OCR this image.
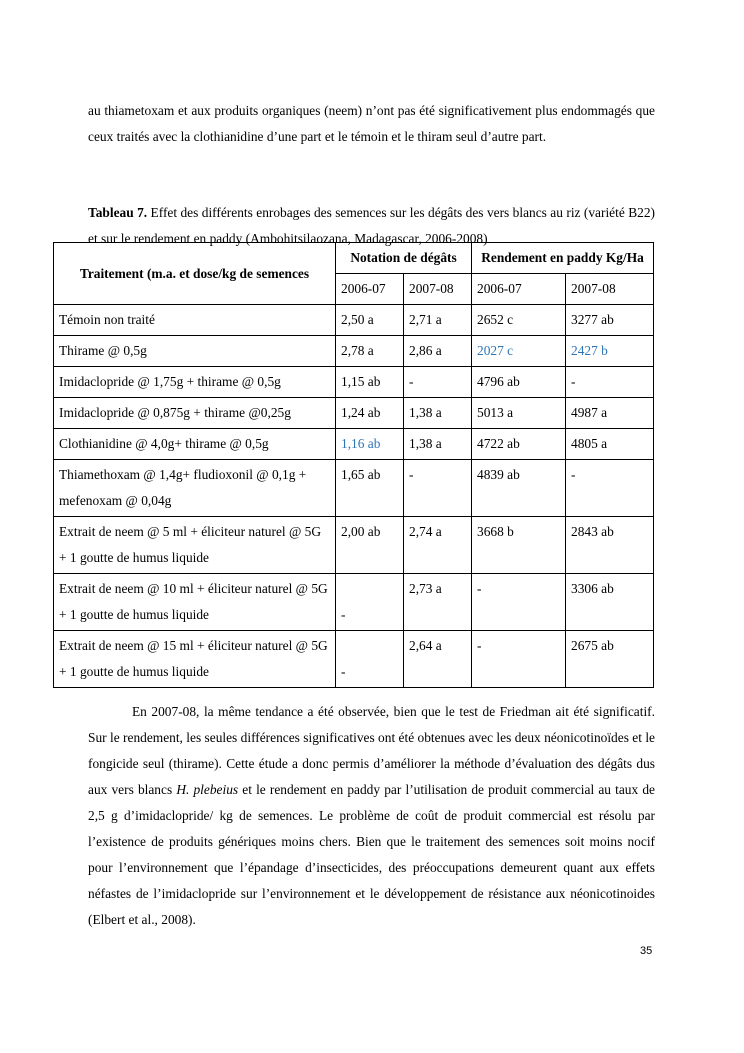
au thiametoxam et aux produits organiques (neem) n’ont pas été significativement plus endommagés que ceux traités avec la clothianidine d’une part et le témoin et le thiram seul d’autre part.

Tableau 7. Effet des différents enrobages des semences sur les dégâts des vers blancs au riz (variété B22) et sur le rendement en paddy (Ambohitsilaozana, Madagascar, 2006-2008)

Traitement (m.a. et dose/kg de semences	Notation de dégâts		Rendement en paddy Kg/Ha	
	2006-07	2007-08	2006-07	2007-08
Témoin non traité	2,50 a	2,71 a	2652 c	3277 ab
Thirame @ 0,5g	2,78 a	2,86 a	2027 c	2427 b
Imidaclopride @ 1,75g + thirame @ 0,5g	1,15 ab	-	4796 ab	-
Imidaclopride @ 0,875g + thirame @0,25g	1,24 ab	1,38 a	5013 a	4987 a
Clothianidine @ 4,0g+ thirame @ 0,5g	1,16 ab	1,38 a	4722 ab	4805 a
Thiamethoxam @ 1,4g+ fludioxonil @ 0,1g + mefenoxam @ 0,04g	1,65 ab	-	4839 ab	-
Extrait de neem @ 5 ml + éliciteur naturel @ 5G + 1 goutte de humus liquide	2,00 ab	2,74 a	3668 b	2843 ab
Extrait de neem @ 10 ml + éliciteur naturel @ 5G + 1 goutte de humus liquide	-	2,73 a	-	3306 ab
Extrait de neem @ 15 ml + éliciteur naturel @ 5G + 1 goutte de humus liquide	-	2,64 a	-	2675 ab

En 2007-08, la même tendance a été observée, bien que le test de Friedman ait été significatif. Sur le rendement, les seules différences significatives ont été obtenues avec les deux néonicotinoïdes et le fongicide seul (thirame). Cette étude a donc permis d’améliorer la méthode d’évaluation des dégâts dus aux vers blancs H. plebeius et le rendement en paddy par l’utilisation de produit commercial au taux de 2,5 g d’imidaclopride/ kg de semences. Le problème de coût de produit commercial est résolu par l’existence de produits génériques moins chers. Bien que le traitement des semences soit moins nocif pour l’environnement que l’épandage d’insecticides, des préoccupations demeurent quant aux effets néfastes de l’imidaclopride sur l’environnement et le développement de résistance aux néonicotinoides (Elbert et al., 2008).

35
